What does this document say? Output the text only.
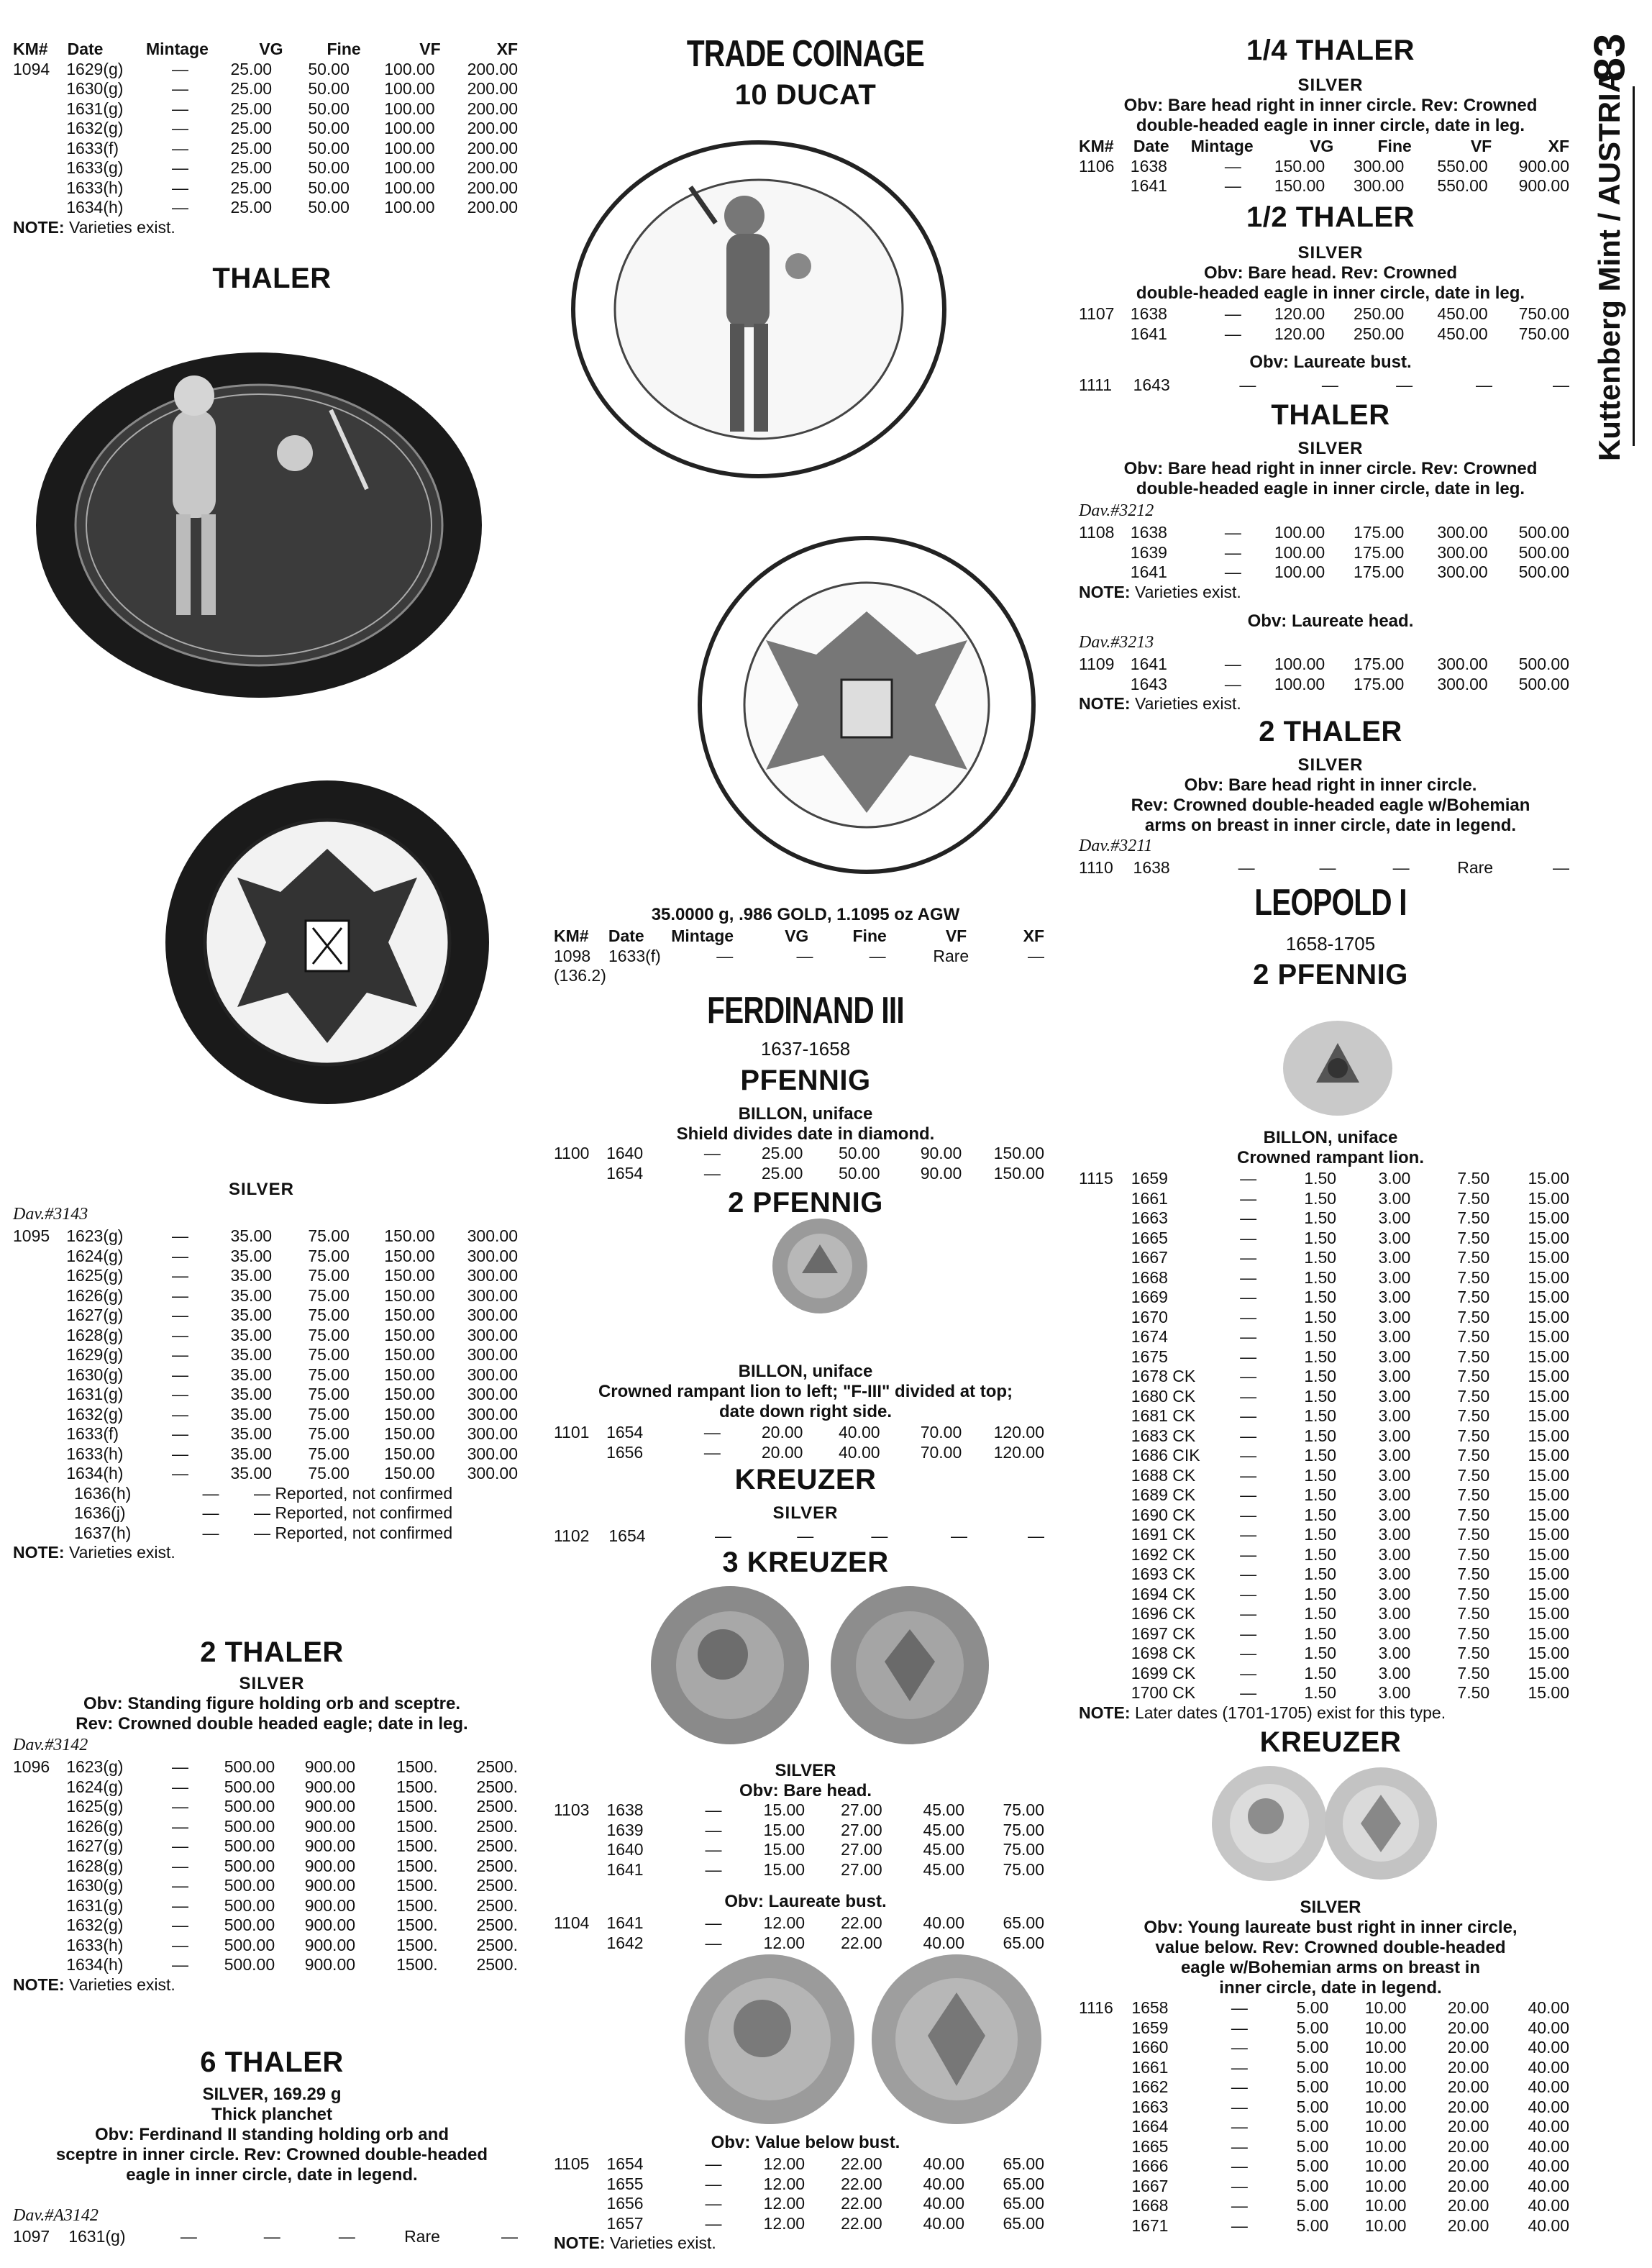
83
Kuttenberg Mint / AUSTRIA
KM#	Date	Mintage	VG	Fine	VF	XF
1094	1629(g)	—	25.00	50.00	100.00	200.00
	1630(g)	—	25.00	50.00	100.00	200.00
	1631(g)	—	25.00	50.00	100.00	200.00
	1632(g)	—	25.00	50.00	100.00	200.00
	1633(f)	—	25.00	50.00	100.00	200.00
	1633(g)	—	25.00	50.00	100.00	200.00
	1633(h)	—	25.00	50.00	100.00	200.00
	1634(h)	—	25.00	50.00	100.00	200.00
NOTE: Varieties exist.
THALER
SILVER
Dav.#3143
1095	1623(g)	—	35.00	75.00	150.00	300.00
	1624(g)	—	35.00	75.00	150.00	300.00
	1625(g)	—	35.00	75.00	150.00	300.00
	1626(g)	—	35.00	75.00	150.00	300.00
	1627(g)	—	35.00	75.00	150.00	300.00
	1628(g)	—	35.00	75.00	150.00	300.00
	1629(g)	—	35.00	75.00	150.00	300.00
	1630(g)	—	35.00	75.00	150.00	300.00
	1631(g)	—	35.00	75.00	150.00	300.00
	1632(g)	—	35.00	75.00	150.00	300.00
	1633(f)	—	35.00	75.00	150.00	300.00
	1633(h)	—	35.00	75.00	150.00	300.00
	1634(h)	—	35.00	75.00	150.00	300.00
	1636(h)	—	— Reported, not confirmed
	1636(j)	—	— Reported, not confirmed
	1637(h)	—	— Reported, not confirmed
NOTE: Varieties exist.
2 THALER
SILVER
Obv: Standing figure holding orb and sceptre.
Rev: Crowned double headed eagle; date in leg.
Dav.#3142
1096	1623(g)	—	500.00	900.00	1500.	2500.
	1624(g)	—	500.00	900.00	1500.	2500.
	1625(g)	—	500.00	900.00	1500.	2500.
	1626(g)	—	500.00	900.00	1500.	2500.
	1627(g)	—	500.00	900.00	1500.	2500.
	1628(g)	—	500.00	900.00	1500.	2500.
	1630(g)	—	500.00	900.00	1500.	2500.
	1631(g)	—	500.00	900.00	1500.	2500.
	1632(g)	—	500.00	900.00	1500.	2500.
	1633(h)	—	500.00	900.00	1500.	2500.
	1634(h)	—	500.00	900.00	1500.	2500.
NOTE: Varieties exist.
6 THALER
SILVER, 169.29 g
Thick planchet
Obv: Ferdinand II standing holding orb and
sceptre in inner circle. Rev: Crowned double-headed
eagle in inner circle, date in legend.
Dav.#A3142
1097	1631(g)	—	—	—	Rare	—
TRADE COINAGE
10 DUCAT
35.0000 g, .986 GOLD, 1.1095 oz AGW
KM#	Date	Mintage	VG	Fine	VF	XF
1098	1633(f)	—	—	—	Rare	—
(136.2)
FERDINAND III
1637-1658
PFENNIG
BILLON, uniface
Shield divides date in diamond.
1100	1640	—	25.00	50.00	90.00	150.00
	1654	—	25.00	50.00	90.00	150.00
2 PFENNIG
BILLON, uniface
Crowned rampant lion to left; "F-III" divided at top;
date down right side.
1101	1654	—	20.00	40.00	70.00	120.00
	1656	—	20.00	40.00	70.00	120.00
KREUZER
SILVER
1102	1654	—	—	—	—	—
3 KREUZER
SILVER
Obv: Bare head.
1103	1638	—	15.00	27.00	45.00	75.00
	1639	—	15.00	27.00	45.00	75.00
	1640	—	15.00	27.00	45.00	75.00
	1641	—	15.00	27.00	45.00	75.00
Obv: Laureate bust.
1104	1641	—	12.00	22.00	40.00	65.00
	1642	—	12.00	22.00	40.00	65.00
Obv: Value below bust.
1105	1654	—	12.00	22.00	40.00	65.00
	1655	—	12.00	22.00	40.00	65.00
	1656	—	12.00	22.00	40.00	65.00
	1657	—	12.00	22.00	40.00	65.00
NOTE: Varieties exist.
1/4 THALER
SILVER
Obv: Bare head right in inner circle. Rev: Crowned
double-headed eagle in inner circle, date in leg.
KM#	Date	Mintage	VG	Fine	VF	XF
1106	1638	—	150.00	300.00	550.00	900.00
	1641	—	150.00	300.00	550.00	900.00
1/2 THALER
SILVER
Obv: Bare head. Rev: Crowned
double-headed eagle in inner circle, date in leg.
1107	1638	—	120.00	250.00	450.00	750.00
	1641	—	120.00	250.00	450.00	750.00
Obv: Laureate bust.
1111	1643	—	—	—	—	—
THALER
SILVER
Obv: Bare head right in inner circle. Rev: Crowned
double-headed eagle in inner circle, date in leg.
Dav.#3212
1108	1638	—	100.00	175.00	300.00	500.00
	1639	—	100.00	175.00	300.00	500.00
	1641	—	100.00	175.00	300.00	500.00
NOTE: Varieties exist.
Obv: Laureate head.
Dav.#3213
1109	1641	—	100.00	175.00	300.00	500.00
	1643	—	100.00	175.00	300.00	500.00
NOTE: Varieties exist.
2 THALER
SILVER
Obv: Bare head right in inner circle.
Rev: Crowned double-headed eagle w/Bohemian
arms on breast in inner circle, date in legend.
Dav.#3211
1110	1638	—	—	—	Rare	—
LEOPOLD I
1658-1705
2 PFENNIG
BILLON, uniface
Crowned rampant lion.
1115	1659	—	1.50	3.00	7.50	15.00
	1661	—	1.50	3.00	7.50	15.00
	1663	—	1.50	3.00	7.50	15.00
	1665	—	1.50	3.00	7.50	15.00
	1667	—	1.50	3.00	7.50	15.00
	1668	—	1.50	3.00	7.50	15.00
	1669	—	1.50	3.00	7.50	15.00
	1670	—	1.50	3.00	7.50	15.00
	1674	—	1.50	3.00	7.50	15.00
	1675	—	1.50	3.00	7.50	15.00
	1678 CK	—	1.50	3.00	7.50	15.00
	1680 CK	—	1.50	3.00	7.50	15.00
	1681 CK	—	1.50	3.00	7.50	15.00
	1683 CK	—	1.50	3.00	7.50	15.00
	1686 CIK	—	1.50	3.00	7.50	15.00
	1688 CK	—	1.50	3.00	7.50	15.00
	1689 CK	—	1.50	3.00	7.50	15.00
	1690 CK	—	1.50	3.00	7.50	15.00
	1691 CK	—	1.50	3.00	7.50	15.00
	1692 CK	—	1.50	3.00	7.50	15.00
	1693 CK	—	1.50	3.00	7.50	15.00
	1694 CK	—	1.50	3.00	7.50	15.00
	1696 CK	—	1.50	3.00	7.50	15.00
	1697 CK	—	1.50	3.00	7.50	15.00
	1698 CK	—	1.50	3.00	7.50	15.00
	1699 CK	—	1.50	3.00	7.50	15.00
	1700 CK	—	1.50	3.00	7.50	15.00
NOTE: Later dates (1701-1705) exist for this type.
KREUZER
SILVER
Obv: Young laureate bust right in inner circle,
value below. Rev: Crowned double-headed
eagle w/Bohemian arms on breast in
inner circle, date in legend.
1116	1658	—	5.00	10.00	20.00	40.00
	1659	—	5.00	10.00	20.00	40.00
	1660	—	5.00	10.00	20.00	40.00
	1661	—	5.00	10.00	20.00	40.00
	1662	—	5.00	10.00	20.00	40.00
	1663	—	5.00	10.00	20.00	40.00
	1664	—	5.00	10.00	20.00	40.00
	1665	—	5.00	10.00	20.00	40.00
	1666	—	5.00	10.00	20.00	40.00
	1667	—	5.00	10.00	20.00	40.00
	1668	—	5.00	10.00	20.00	40.00
	1671	—	5.00	10.00	20.00	40.00
